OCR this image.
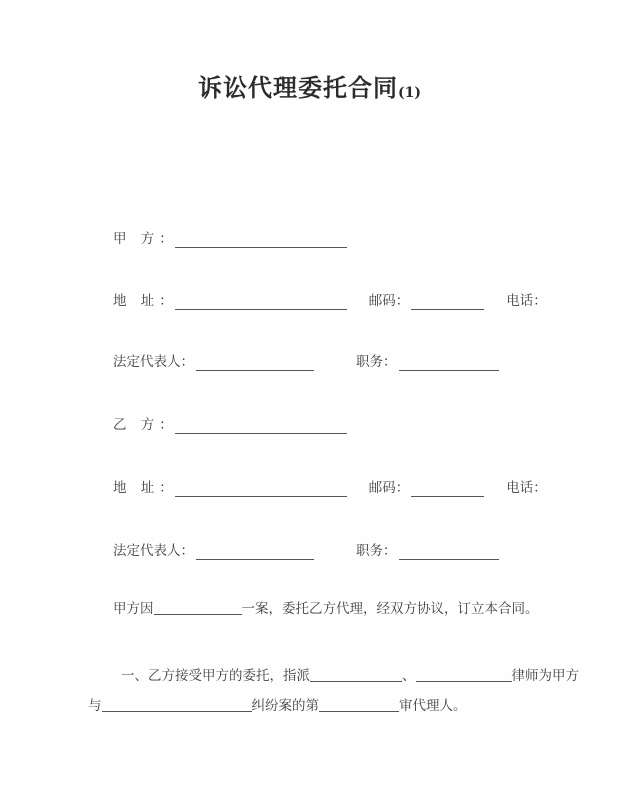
诉讼代理委托合同(1)
甲 方 ：
地 址 ：	邮码 ：	电话 ：
法定代表人 ：	职务 ：
乙 方 ：
地 址 ：	邮码 ：	电话 ：
法定代表人 ：	职务 ：
甲方因	一案，委托乙方代理，经双方协议，订立本合同。
一、乙方接受甲方的委托，指派	、	律师为甲方
与	纠纷案的第	审代理人。
